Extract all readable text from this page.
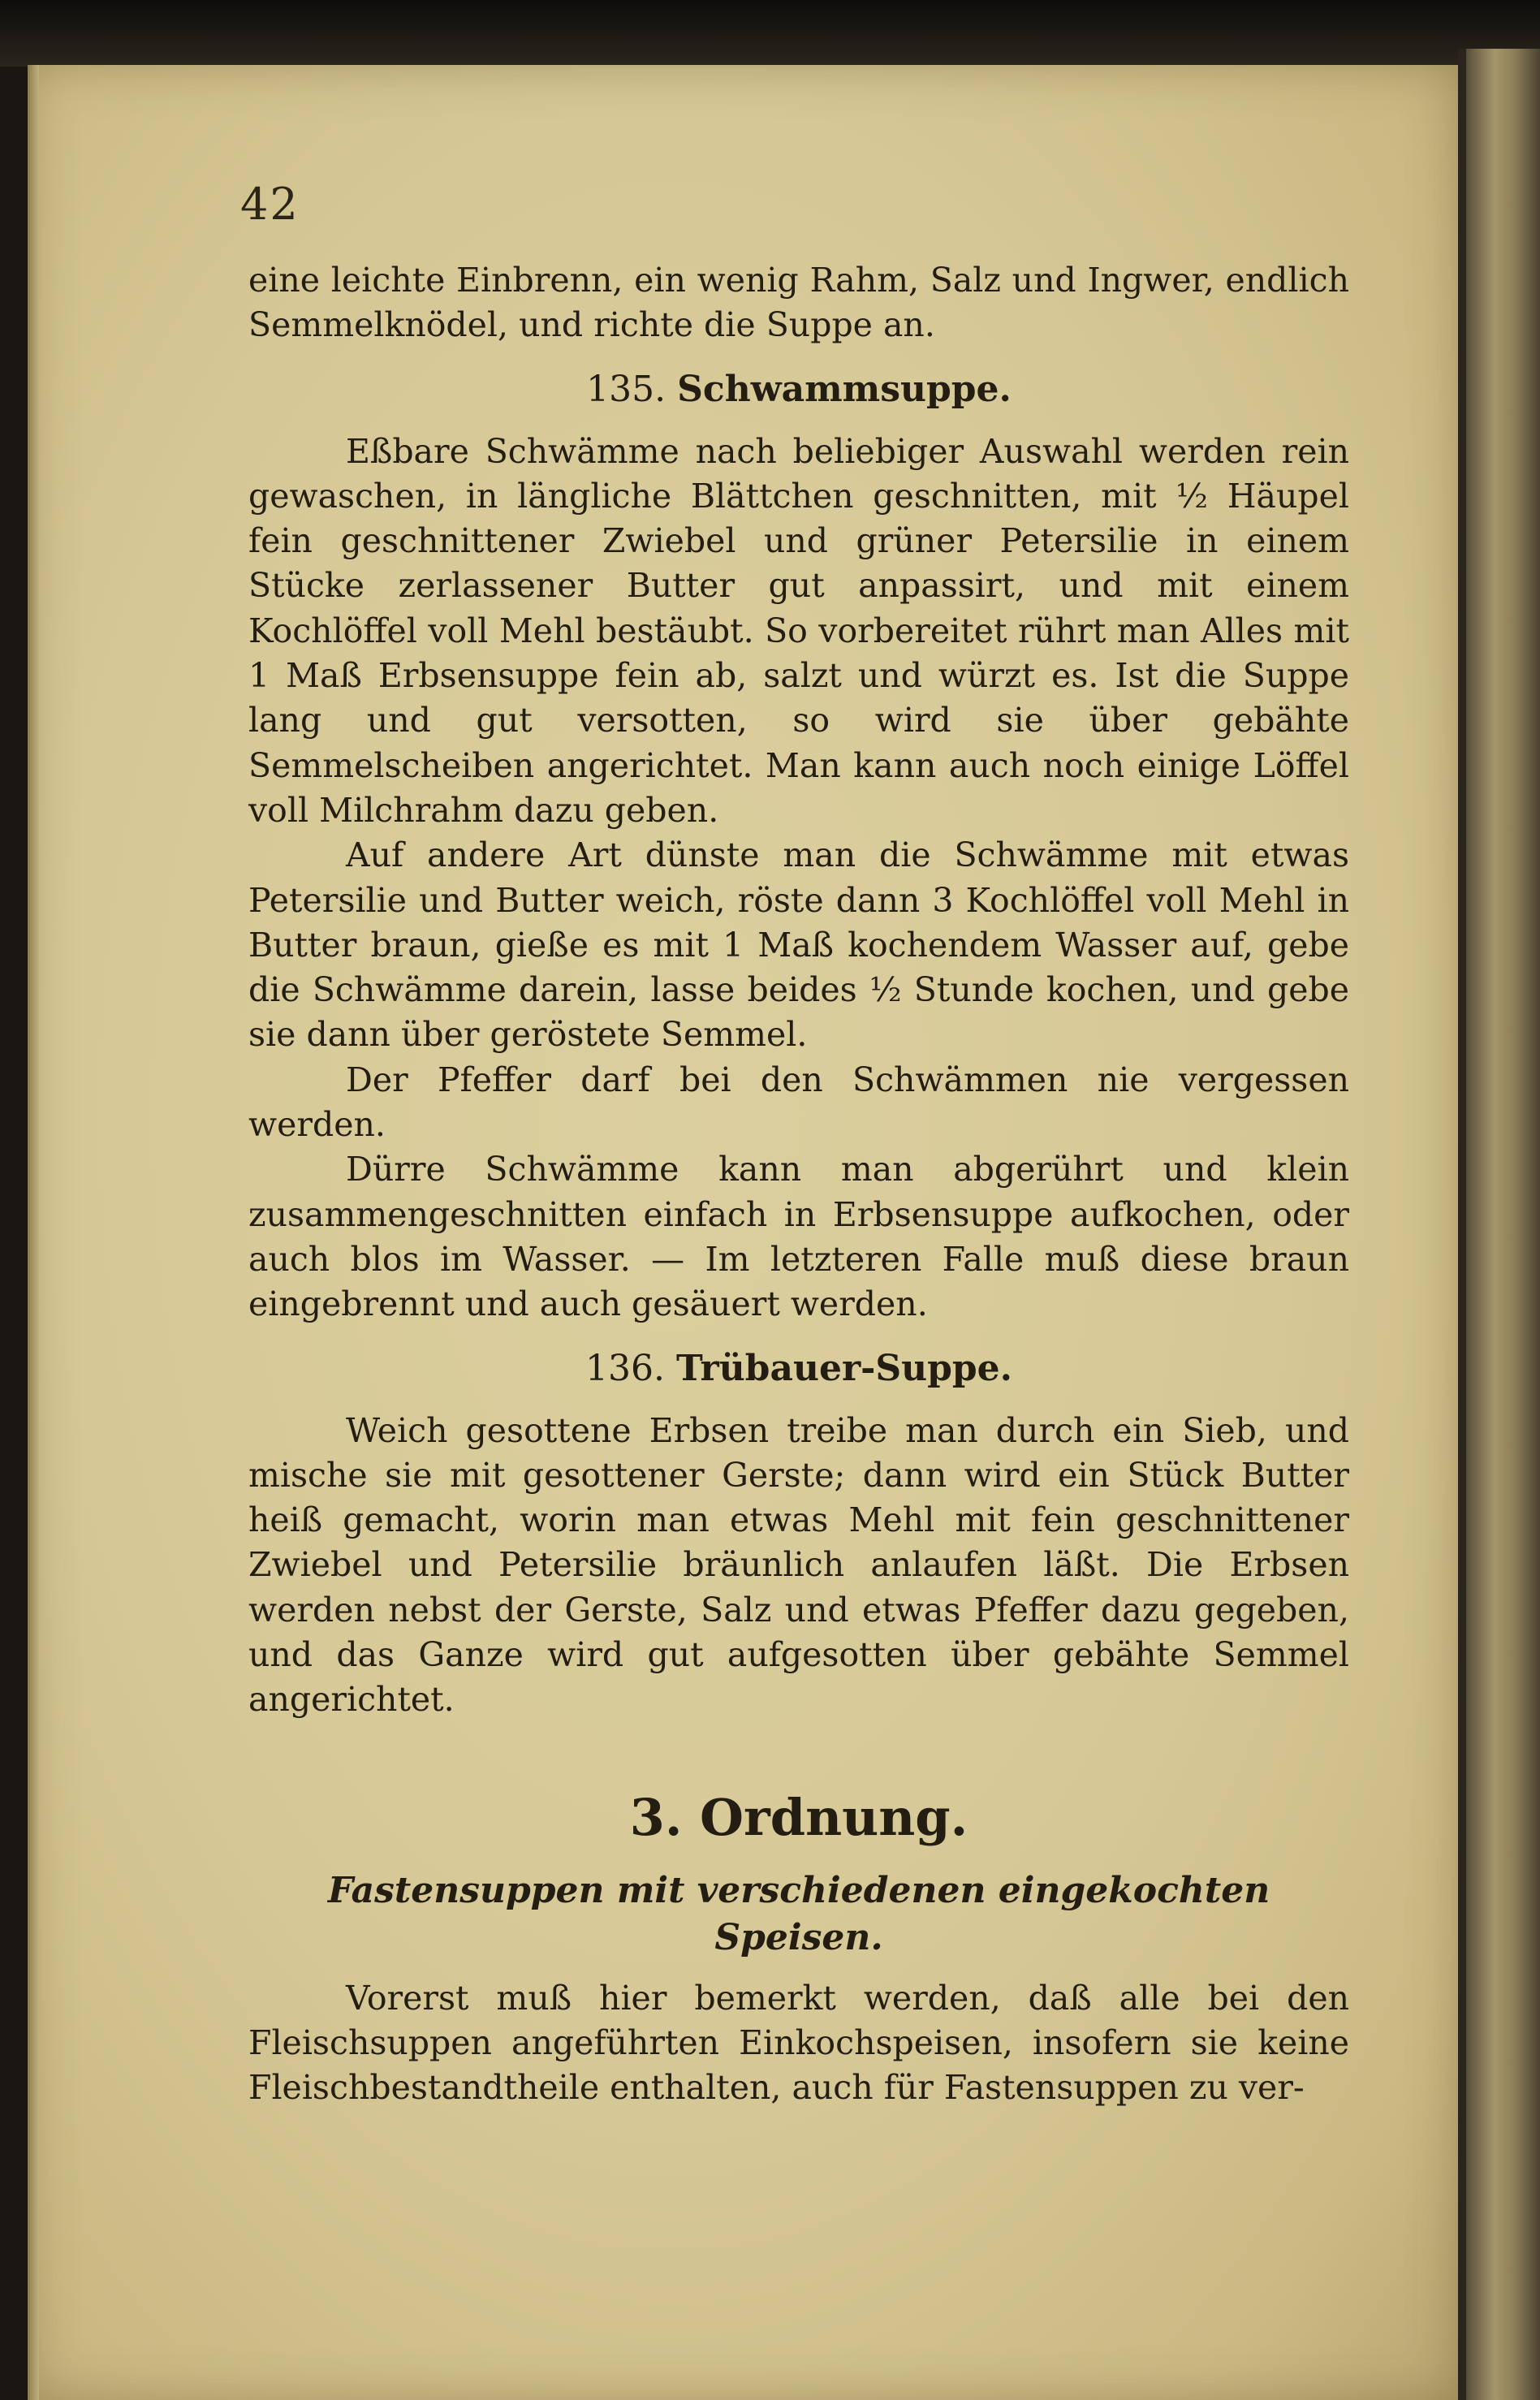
42

eine leichte Einbrenn, ein wenig Rahm, Salz und Ingwer, endlich Semmelknödel, und richte die Suppe an.

135. Schwammsuppe.

Eßbare Schwämme nach beliebiger Auswahl werden rein gewaschen, in längliche Blättchen geschnitten, mit ½ Häupel fein geschnittener Zwiebel und grüner Petersilie in einem Stücke zerlassener Butter gut anpassirt, und mit einem Kochlöffel voll Mehl bestäubt. So vorbereitet rührt man Alles mit 1 Maß Erbsensuppe fein ab, salzt und würzt es. Ist die Suppe lang und gut versotten, so wird sie über gebähte Semmelscheiben angerichtet. Man kann auch noch einige Löffel voll Milchrahm dazu geben.

Auf andere Art dünste man die Schwämme mit etwas Petersilie und Butter weich, röste dann 3 Kochlöffel voll Mehl in Butter braun, gieße es mit 1 Maß kochendem Wasser auf, gebe die Schwämme darein, lasse beides ½ Stunde kochen, und gebe sie dann über geröstete Semmel.

Der Pfeffer darf bei den Schwämmen nie vergessen werden.

Dürre Schwämme kann man abgerührt und klein zusammengeschnitten einfach in Erbsensuppe aufkochen, oder auch blos im Wasser. — Im letzteren Falle muß diese braun eingebrennt und auch gesäuert werden.

136. Trübauer-Suppe.

Weich gesottene Erbsen treibe man durch ein Sieb, und mische sie mit gesottener Gerste; dann wird ein Stück Butter heiß gemacht, worin man etwas Mehl mit fein geschnittener Zwiebel und Petersilie bräunlich anlaufen läßt. Die Erbsen werden nebst der Gerste, Salz und etwas Pfeffer dazu gegeben, und das Ganze wird gut aufgesotten über gebähte Semmel angerichtet.

3. Ordnung.
Fastensuppen mit verschiedenen eingekochten Speisen.

Vorerst muß hier bemerkt werden, daß alle bei den Fleischsuppen angeführten Einkochspeisen, insofern sie keine Fleischbestandtheile enthalten, auch für Fastensuppen zu ver-
